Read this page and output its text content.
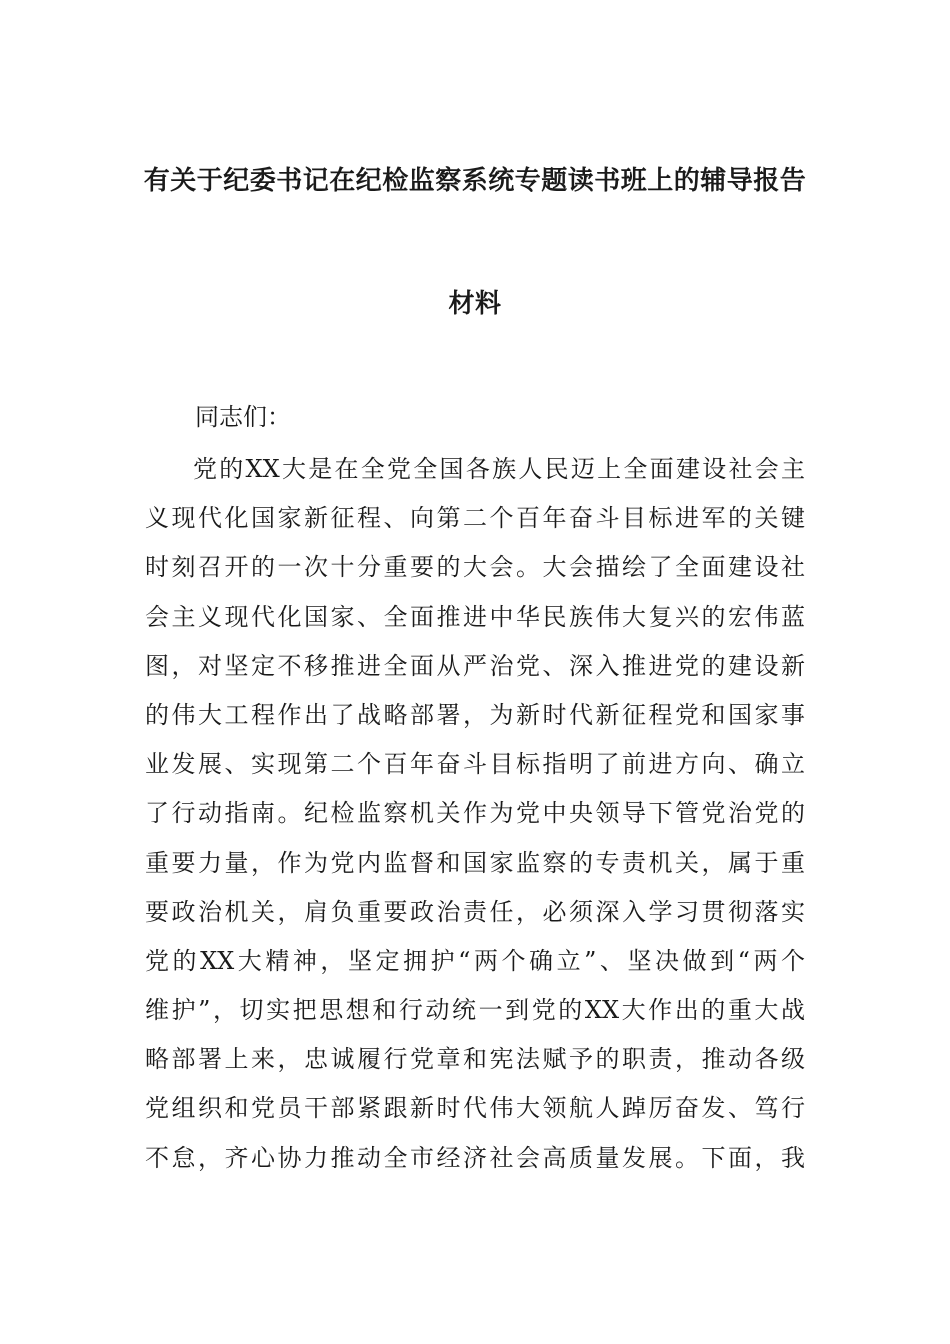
有关于纪委书记在纪检监察系统专题读书班上的辅导报告
材料
同志们：
党的XX大是在全党全国各族人民迈上全面建设社会主
义现代化国家新征程、向第二个百年奋斗目标进军的关键
时刻召开的一次十分重要的大会。大会描绘了全面建设社
会主义现代化国家、全面推进中华民族伟大复兴的宏伟蓝
图，对坚定不移推进全面从严治党、深入推进党的建设新
的伟大工程作出了战略部署，为新时代新征程党和国家事
业发展、实现第二个百年奋斗目标指明了前进方向、确立
了行动指南。纪检监察机关作为党中央领导下管党治党的
重要力量，作为党内监督和国家监察的专责机关，属于重
要政治机关，肩负重要政治责任，必须深入学习贯彻落实
党的XX大精神，坚定拥护“两个确立”、坚决做到“两个
维护”，切实把思想和行动统一到党的XX大作出的重大战
略部署上来，忠诚履行党章和宪法赋予的职责，推动各级
党组织和党员干部紧跟新时代伟大领航人踔厉奋发、笃行
不怠，齐心协力推动全市经济社会高质量发展。下面，我
